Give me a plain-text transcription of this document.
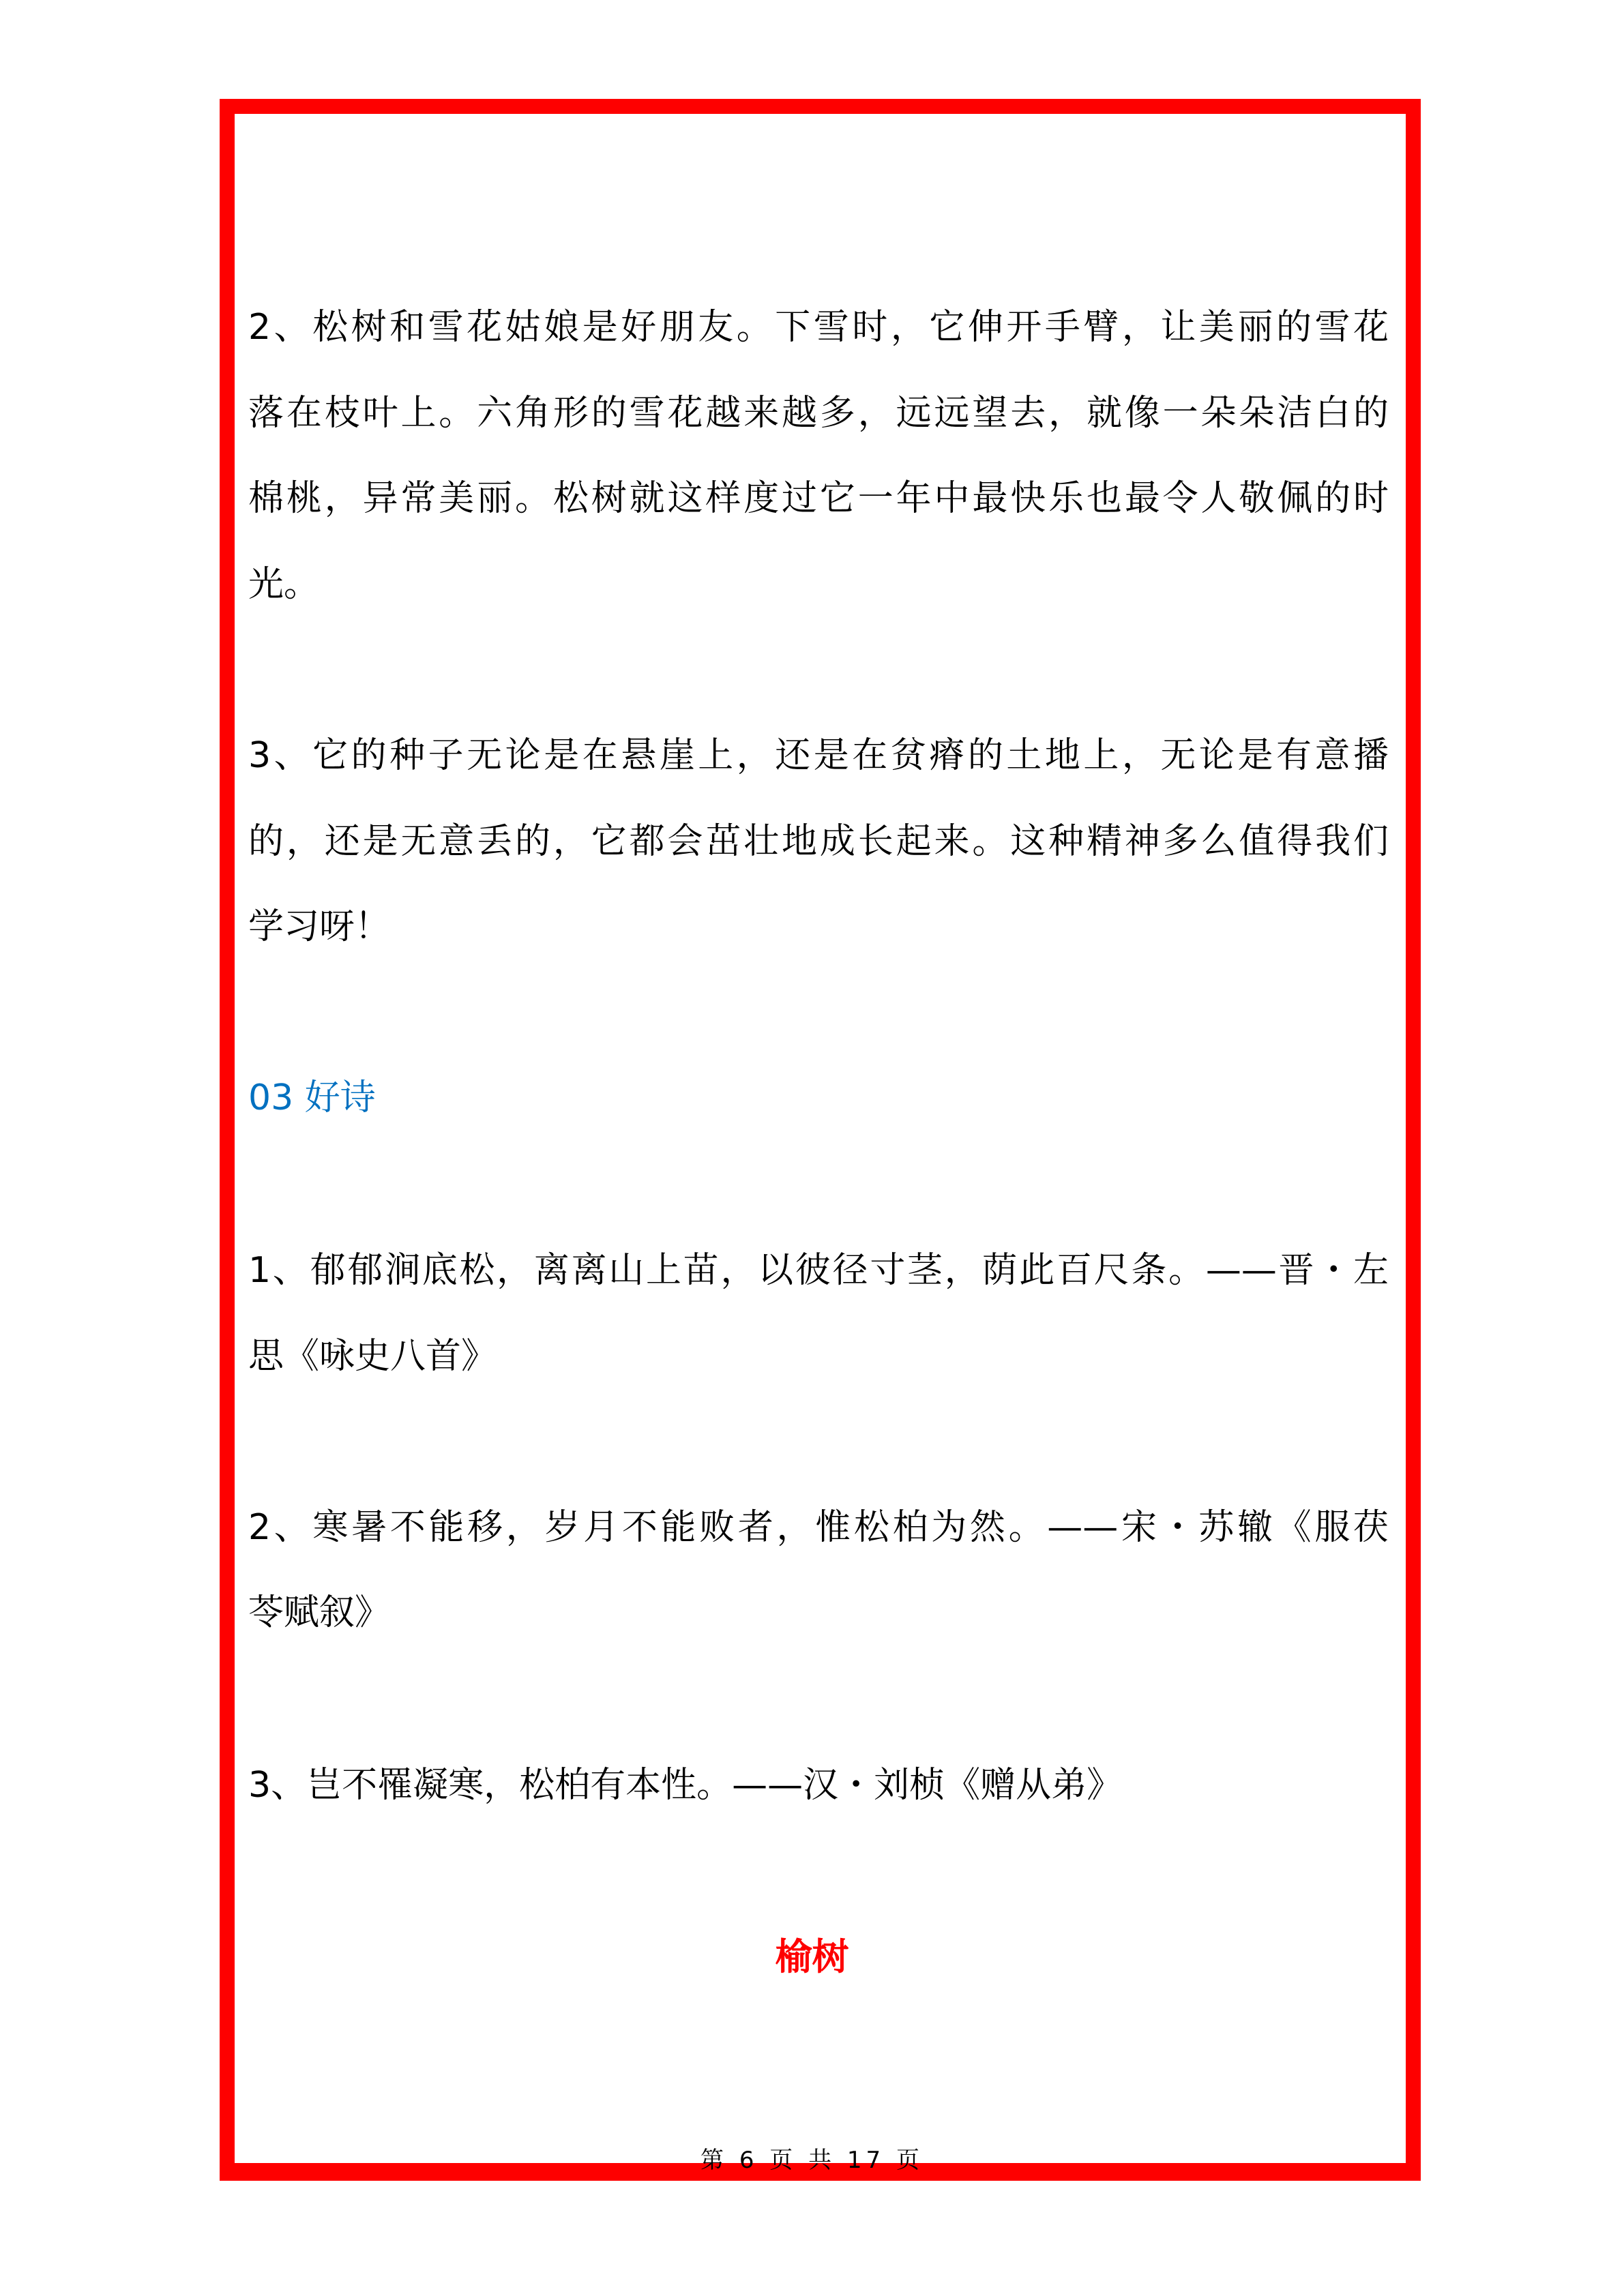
2、松树和雪花姑娘是好朋友。下雪时，它伸开手臂，让美丽的雪花
落在枝叶上。六角形的雪花越来越多，远远望去，就像一朵朵洁白的
棉桃，异常美丽。松树就这样度过它一年中最快乐也最令人敬佩的时
光。
3、它的种子无论是在悬崖上，还是在贫瘠的土地上，无论是有意播
的，还是无意丢的，它都会茁壮地成长起来。这种精神多么值得我们
学习呀！
03 好诗
1、郁郁涧底松，离离山上苗，以彼径寸茎，荫此百尺条。——晋・左
思《咏史八首》
2、寒暑不能移，岁月不能败者，惟松柏为然。——宋・苏辙《服茯
苓赋叙》
3、岂不罹凝寒，松柏有本性。——汉・刘桢《赠从弟》
榆树
第 6 页 共 17 页
